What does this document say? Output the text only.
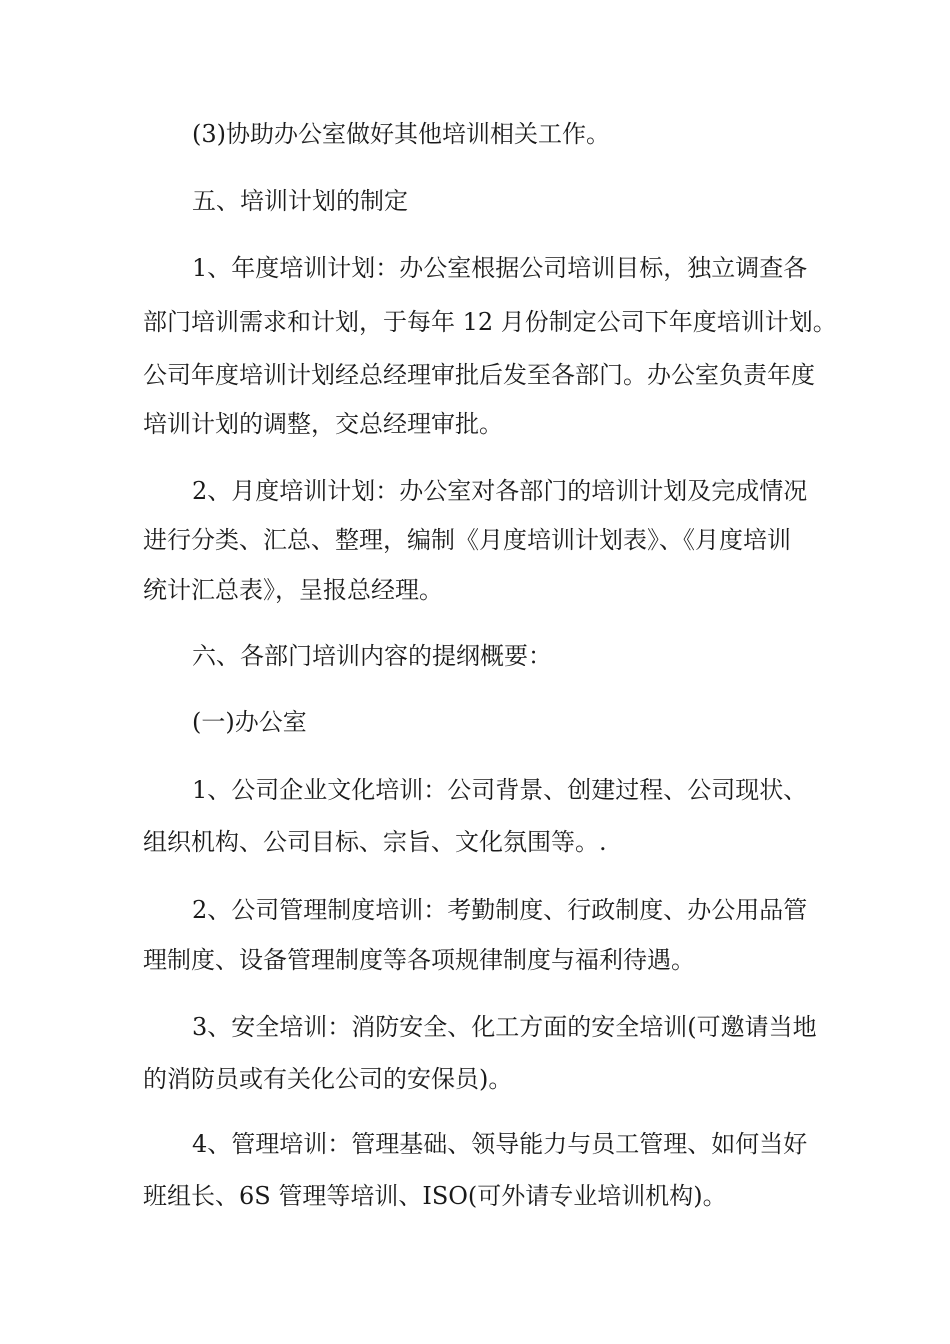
(3)协助办公室做好其他培训相关工作。
五、培训计划的制定
1、年度培训计划：办公室根据公司培训目标，独立调查各
部门培训需求和计划，于每年 12 月份制定公司下年度培训计划。
公司年度培训计划经总经理审批后发至各部门。办公室负责年度
培训计划的调整，交总经理审批。
2、月度培训计划：办公室对各部门的培训计划及完成情况
进行分类、汇总、整理，编制《月度培训计划表》、《月度培训
统计汇总表》，呈报总经理。
六、各部门培训内容的提纲概要：
(一)办公室
1、公司企业文化培训：公司背景、创建过程、公司现状、
组织机构、公司目标、宗旨、文化氛围等。.
2、公司管理制度培训：考勤制度、行政制度、办公用品管
理制度、设备管理制度等各项规律制度与福利待遇。
3、安全培训：消防安全、化工方面的安全培训(可邀请当地
的消防员或有关化公司的安保员)。
4、管理培训：管理基础、领导能力与员工管理、如何当好
班组长、6S 管理等培训、ISO(可外请专业培训机构)。
